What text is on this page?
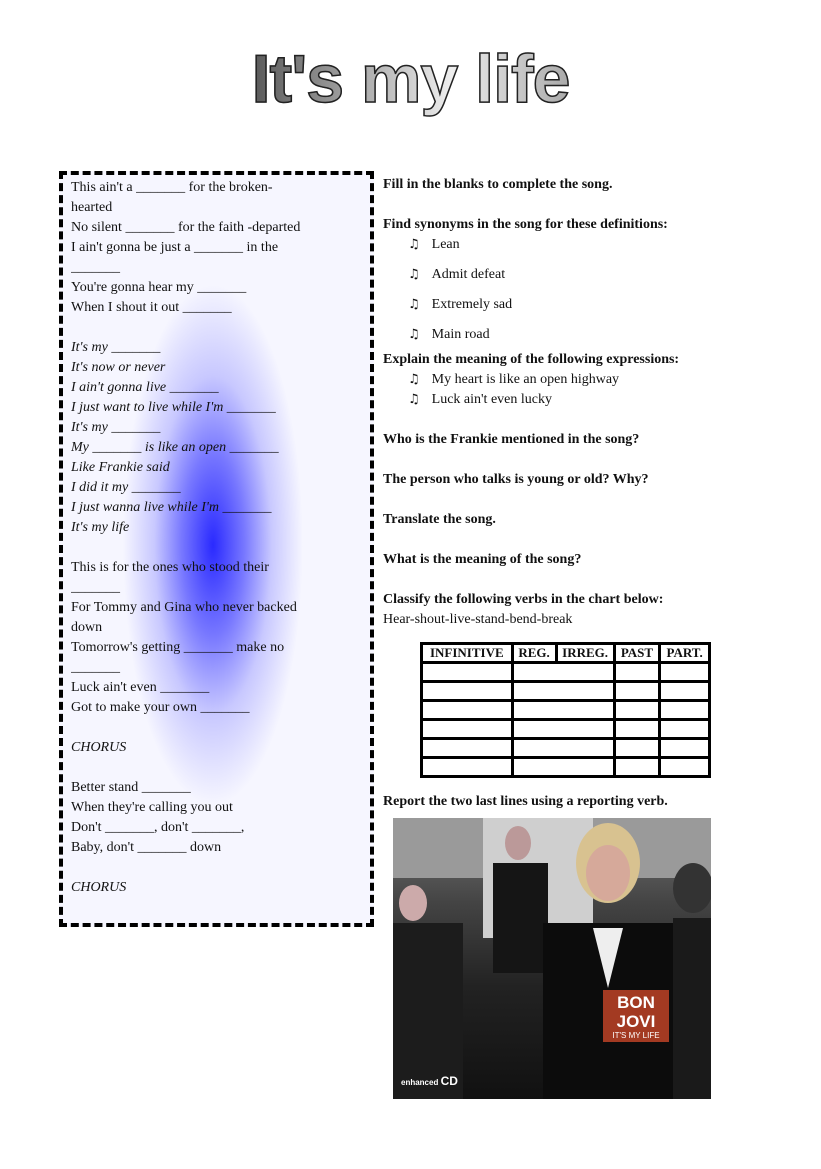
It's my life
This ain't a _______ for the broken-
hearted
No silent _______ for the faith -departed
I ain't gonna be just a _______ in the
_______
You're gonna hear my _______
When I shout it out _______
It's my _______
It's now or never
I ain't gonna live _______
I just want to live while I'm _______
It's my _______
My _______ is like an open _______
Like Frankie said
I did it my _______
I just wanna live while I'm _______
It's my life
This is for the ones who stood their
_______
For Tommy and Gina who never backed
down
Tomorrow's getting _______ make no
_______
Luck ain't even _______
Got to make your own _______
CHORUS
Better stand _______
When they're calling you out
Don't _______, don't _______,
Baby, don't _______ down
CHORUS
Fill in the blanks to complete the song.
Find synonyms in the song for these definitions:
♫ Lean
♫ Admit defeat
♫ Extremely sad
♫ Main road
Explain the meaning of the following expressions:
♫ My heart is like an open highway
♫ Luck ain't even lucky
Who is the Frankie mentioned in the song?
The person who talks is young or old? Why?
Translate the song.
What is the meaning of the song?
Classify the following verbs in the chart below:
Hear-shout-live-stand-bend-break
INFINITIVE	REG.	IRREG.	PAST	PART.

Report the two last lines using a reporting verb.
BON
JOVI
IT'S MY LIFE
enhanced CD
